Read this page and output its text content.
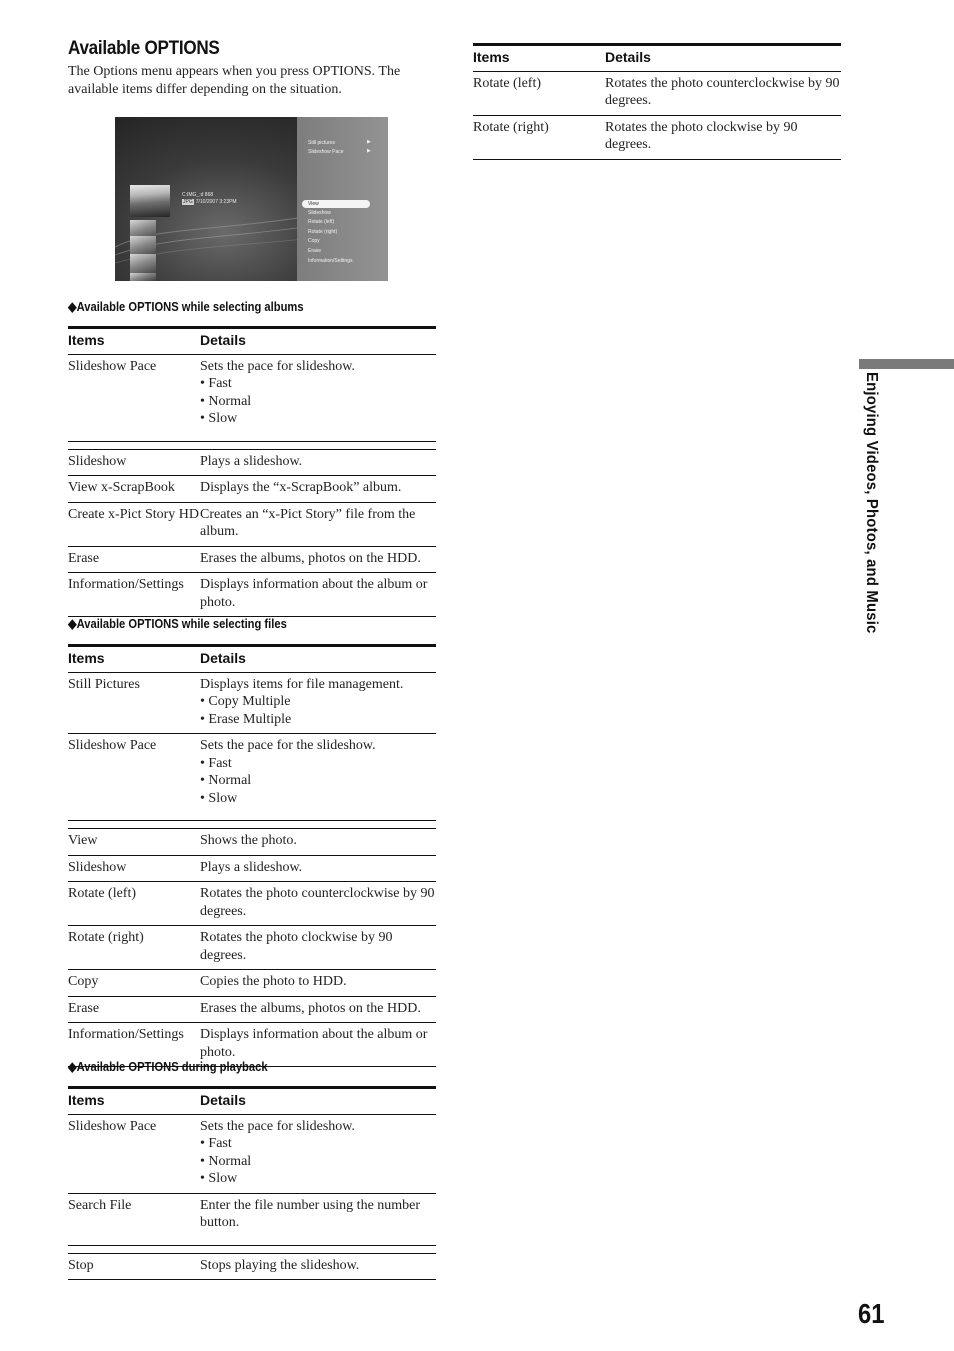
Available OPTIONS

The Options menu appears when you press OPTIONS. The available items differ depending on the situation.

C:IMG_:d 868
JPG 7/10/2007 3:23PM
Still pictures	▶
Slideshow Pace	▶
View
Slideshow
Rotate (left)
Rotate (right)
Copy
Erase
Information/Settings
◆Available OPTIONS while selecting albums
Items	Details
Slideshow Pace	Sets the pace for slideshow.
• Fast
• Normal
• Slow

Slideshow	Plays a slideshow.
View x-ScrapBook	Displays the “x-ScrapBook” album.
Create x-Pict Story HD	Creates an “x-Pict Story” file from the album.
Erase	Erases the albums, photos on the HDD.
Information/Settings	Displays information about the album or photo.
◆Available OPTIONS while selecting files
Items	Details
Still Pictures	Displays items for file management.
• Copy Multiple
• Erase Multiple

Slideshow Pace	Sets the pace for the slideshow.
• Fast
• Normal
• Slow

View	Shows the photo.
Slideshow	Plays a slideshow.
Rotate (left)	Rotates the photo counterclockwise by 90 degrees.
Rotate (right)	Rotates the photo clockwise by 90 degrees.
Copy	Copies the photo to HDD.
Erase	Erases the albums, photos on the HDD.
Information/Settings	Displays information about the album or photo.
◆Available OPTIONS during playback
Items	Details
Slideshow Pace	Sets the pace for slideshow.
• Fast
• Normal
• Slow

Search File	Enter the file number using the number button.

Stop	Stops playing the slideshow.
Items	Details
Rotate (left)	Rotates the photo counterclockwise by 90 degrees.
Rotate (right)	Rotates the photo clockwise by 90 degrees.
Enjoying Videos, Photos, and Music
61
